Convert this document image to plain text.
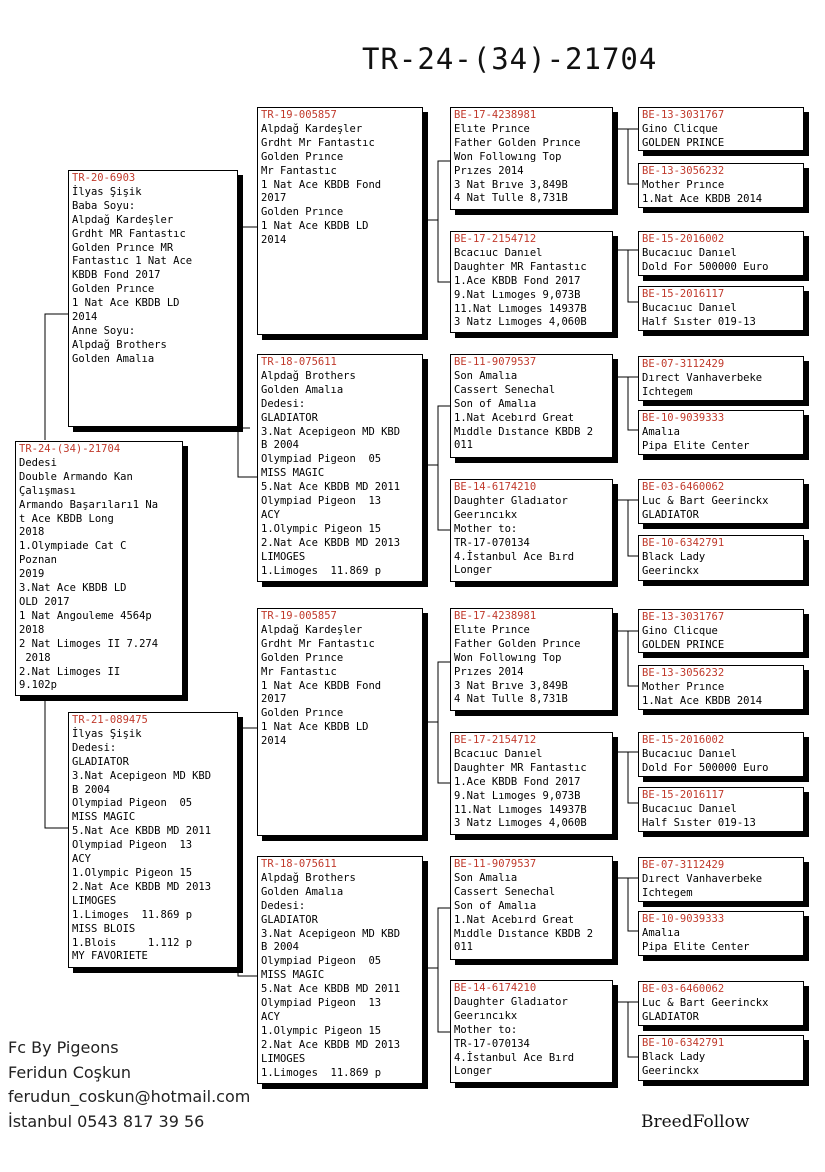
TR-24-(34)-21704
TR-24-(34)-21704
Dedesi
Double Armando Kan
Çalışması
Armando Başarıları1 Na
t Ace KBDB Long
2018
1.Olympiade Cat C
Poznan
2019
3.Nat Ace KBDB LD
OLD 2017
1 Nat Angouleme 4564p
2018
2 Nat Limoges II 7.274
2018
2.Nat Limoges II
9.102p
TR-20-6903
İlyas Şişik
Baba Soyu:
Alpdağ Kardeşler
Grdht MR Fantastıc
Golden Prınce MR
Fantastıc 1 Nat Ace
KBDB Fond 2017
Golden Prınce
1 Nat Ace KBDB LD
2014
Anne Soyu:
Alpdağ Brothers
Golden Amalıa
TR-21-089475
İlyas Şişik
Dedesi:
GLADIATOR
3.Nat Acepigeon MD KBD
B 2004
Olympiad Pigeon  05
MISS MAGIC
5.Nat Ace KBDB MD 2011
Olympiad Pigeon  13
ACY
1.Olympic Pigeon 15
2.Nat Ace KBDB MD 2013
LIMOGES
1.Limoges  11.869 p
MISS BLOIS
1.Blois     1.112 p
MY FAVORIETE
TR-19-005857
Alpdağ Kardeşler
Grdht Mr Fantastıc
Golden Prınce
Mr Fantastıc
1 Nat Ace KBDB Fond
2017
Golden Prınce
1 Nat Ace KBDB LD
2014
TR-18-075611
Alpdağ Brothers
Golden Amalıa
Dedesi:
GLADIATOR
3.Nat Acepigeon MD KBD
B 2004
Olympiad Pigeon  05
MISS MAGIC
5.Nat Ace KBDB MD 2011
Olympiad Pigeon  13
ACY
1.Olympic Pigeon 15
2.Nat Ace KBDB MD 2013
LIMOGES
1.Limoges  11.869 p
TR-19-005857
Alpdağ Kardeşler
Grdht Mr Fantastıc
Golden Prınce
Mr Fantastıc
1 Nat Ace KBDB Fond
2017
Golden Prınce
1 Nat Ace KBDB LD
2014
TR-18-075611
Alpdağ Brothers
Golden Amalıa
Dedesi:
GLADIATOR
3.Nat Acepigeon MD KBD
B 2004
Olympiad Pigeon  05
MISS MAGIC
5.Nat Ace KBDB MD 2011
Olympiad Pigeon  13
ACY
1.Olympic Pigeon 15
2.Nat Ace KBDB MD 2013
LIMOGES
1.Limoges  11.869 p
BE-17-4238981
Elıte Prınce
Father Golden Prınce
Won Followıng Top
Prızes 2014
3 Nat Brıve 3,849B
4 Nat Tulle 8,731B
BE-17-2154712
Bcacıuc Danıel
Daughter MR Fantastıc
1.Ace KBDB Fond 2017
9.Nat Lımoges 9,073B
11.Nat Lımoges 14937B
3 Natz Lımoges 4,060B
BE-11-9079537
Son Amalıa
Cassert Senechal
Son of Amalıa
1.Nat Acebırd Great
Mıddle Dıstance KBDB 2
011
BE-14-6174210
Daughter Gladıator
Geerıncıkx
Mother to:
TR-17-070134
4.İstanbul Ace Bırd
Longer
BE-17-4238981
Elıte Prınce
Father Golden Prınce
Won Followıng Top
Prızes 2014
3 Nat Brıve 3,849B
4 Nat Tulle 8,731B
BE-17-2154712
Bcacıuc Danıel
Daughter MR Fantastıc
1.Ace KBDB Fond 2017
9.Nat Lımoges 9,073B
11.Nat Lımoges 14937B
3 Natz Lımoges 4,060B
BE-11-9079537
Son Amalıa
Cassert Senechal
Son of Amalıa
1.Nat Acebırd Great
Mıddle Dıstance KBDB 2
011
BE-14-6174210
Daughter Gladıator
Geerıncıkx
Mother to:
TR-17-070134
4.İstanbul Ace Bırd
Longer
BE-13-3031767
Gino Clicque
GOLDEN PRINCE
BE-13-3056232
Mother Prınce
1.Nat Ace KBDB 2014
BE-15-2016002
Bucacıuc Danıel
Dold For 500000 Euro
BE-15-2016117
Bucacıuc Danıel
Half Sıster 019-13
BE-07-3112429
Dırect Vanhaverbeke
Ichtegem
BE-10-9039333
Amalıa
Pipa Elite Center
BE-03-6460062
Luc & Bart Geerinckx
GLADIATOR
BE-10-6342791
Black Lady
Geerinckx
BE-13-3031767
Gino Clicque
GOLDEN PRINCE
BE-13-3056232
Mother Prınce
1.Nat Ace KBDB 2014
BE-15-2016002
Bucacıuc Danıel
Dold For 500000 Euro
BE-15-2016117
Bucacıuc Danıel
Half Sıster 019-13
BE-07-3112429
Dırect Vanhaverbeke
Ichtegem
BE-10-9039333
Amalıa
Pipa Elite Center
BE-03-6460062
Luc & Bart Geerinckx
GLADIATOR
BE-10-6342791
Black Lady
Geerinckx
Fc By Pigeons
Feridun Coşkun
ferudun_coskun@hotmail.com
İstanbul 0543 817 39 56	BreedFollow
